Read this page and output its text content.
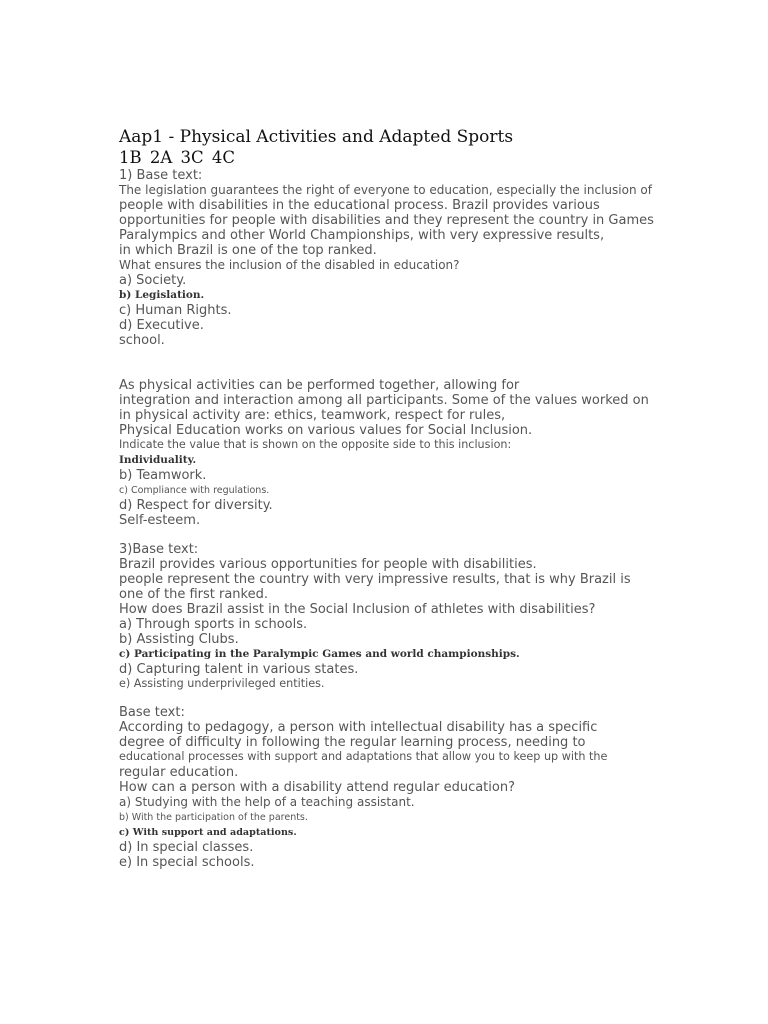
Aap1 - Physical Activities and Adapted Sports
1B 2A 3C 4C
1) Base text:
The legislation guarantees the right of everyone to education, especially the inclusion of
people with disabilities in the educational process. Brazil provides various
opportunities for people with disabilities and they represent the country in Games
Paralympics and other World Championships, with very expressive results,
in which Brazil is one of the top ranked.
What ensures the inclusion of the disabled in education?
a) Society.
b) Legislation.
c) Human Rights.
d) Executive.
school.
As physical activities can be performed together, allowing for
integration and interaction among all participants. Some of the values worked on
in physical activity are: ethics, teamwork, respect for rules,
Physical Education works on various values for Social Inclusion.
Indicate the value that is shown on the opposite side to this inclusion:
Individuality.
b) Teamwork.
c) Compliance with regulations.
d) Respect for diversity.
Self-esteem.
3)Base text:
Brazil provides various opportunities for people with disabilities.
people represent the country with very impressive results, that is why Brazil is
one of the first ranked.
How does Brazil assist in the Social Inclusion of athletes with disabilities?
a) Through sports in schools.
b) Assisting Clubs.
c) Participating in the Paralympic Games and world championships.
d) Capturing talent in various states.
e) Assisting underprivileged entities.
Base text:
According to pedagogy, a person with intellectual disability has a specific
degree of difficulty in following the regular learning process, needing to
educational processes with support and adaptations that allow you to keep up with the
regular education.
How can a person with a disability attend regular education?
a) Studying with the help of a teaching assistant.
b) With the participation of the parents.
c) With support and adaptations.
d) In special classes.
e) In special schools.
